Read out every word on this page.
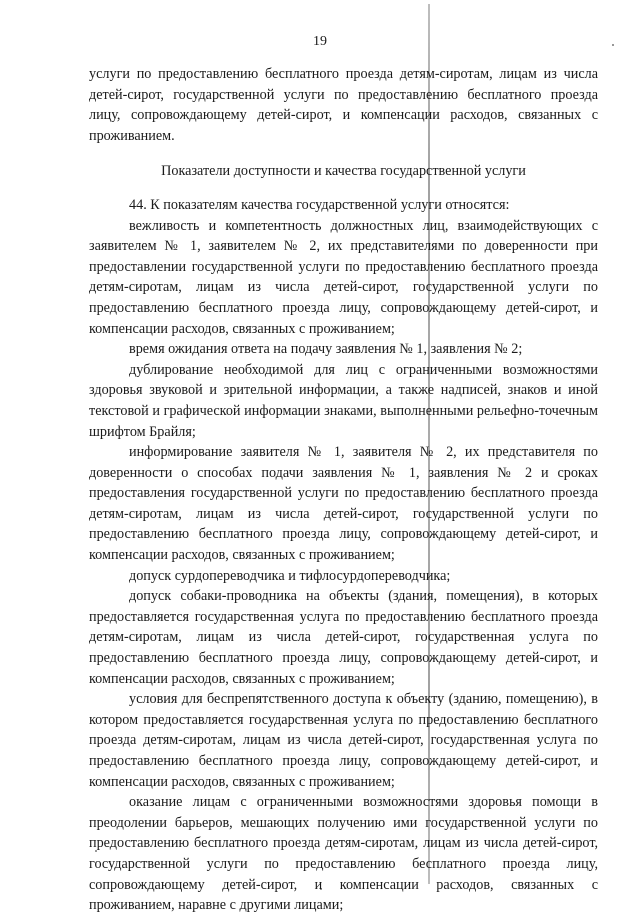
19

услуги по предоставлению бесплатного проезда детям-сиротам, лицам из числа детей-сирот, государственной услуги по предоставлению бесплатного проезда лицу, сопровождающему детей-сирот, и компенсации расходов, связанных с проживанием.

Показатели доступности и качества государственной услуги

44. К показателям качества государственной услуги относятся:

вежливость и компетентность должностных лиц, взаимодействующих с заявителем № 1, заявителем № 2, их представителями по доверенности при предоставлении государственной услуги по предоставлению бесплатного проезда детям-сиротам, лицам из числа детей-сирот, государственной услуги по предоставлению бесплатного проезда лицу, сопровождающему детей-сирот, и компенсации расходов, связанных с проживанием;

время ожидания ответа на подачу заявления № 1, заявления № 2;

дублирование необходимой для лиц с ограниченными возможностями здоровья звуковой и зрительной информации, а также надписей, знаков и иной текстовой и графической информации знаками, выполненными рельефно-точечным шрифтом Брайля;

информирование заявителя № 1, заявителя № 2, их представителя по доверенности о способах подачи заявления № 1, заявления № 2 и сроках предоставления государственной услуги по предоставлению бесплатного проезда детям-сиротам, лицам из числа детей-сирот, государственной услуги по предоставлению бесплатного проезда лицу, сопровождающему детей-сирот, и компенсации расходов, связанных с проживанием;

допуск сурдопереводчика и тифлосурдопереводчика;

допуск собаки-проводника на объекты (здания, помещения), в которых предоставляется государственная услуга по предоставлению бесплатного проезда детям-сиротам, лицам из числа детей-сирот, государственная услуга по предоставлению бесплатного проезда лицу, сопровождающему детей-сирот, и компенсации расходов, связанных с проживанием;

условия для беспрепятственного доступа к объекту (зданию, помещению), в котором предоставляется государственная услуга по предоставлению бесплатного проезда детям-сиротам, лицам из числа детей-сирот, государственная услуга по предоставлению бесплатного проезда лицу, сопровождающему детей-сирот, и компенсации расходов, связанных с проживанием;

оказание лицам с ограниченными возможностями здоровья помощи в преодолении барьеров, мешающих получению ими государственной услуги по предоставлению бесплатного проезда детям-сиротам, лицам из числа детей-сирот, государственной услуги по предоставлению бесплатного проезда лицу, сопровождающему детей-сирот, и компенсации расходов, связанных с проживанием, наравне с другими лицами;
